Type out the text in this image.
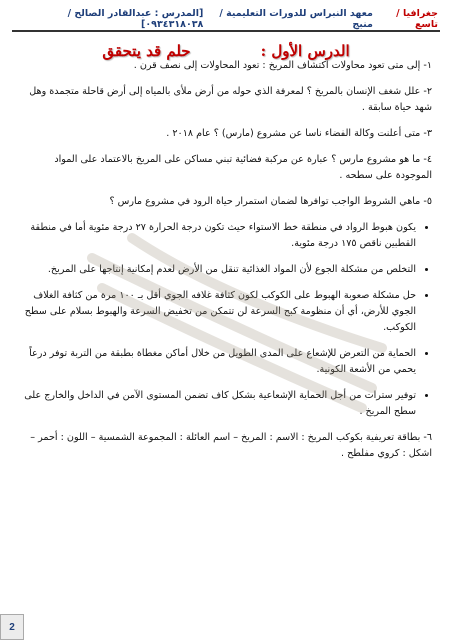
جغرافيا / تاسع
معهد النبراس للدورات التعليمية / منبج
[المدرس : عبدالقادر الصالح /٠٩٣٤٣١٨٠٣٨]
الدرس الأول :
حلم قد يتحقق

١- إلى متى تعود محاولات اكتشاف المريخ : تعود المحاولات إلى نصف قرن .

٢- علل شغف الإنسان بالمريخ ؟ لمعرفة الذي حوله من أرض ملأى بالمياه إلى أرض قاحلة متجمدة وهل شهد حياة سابقة .

٣- متى أعلنت وكالة الفضاء ناسا عن مشروع (مارس) ؟ عام ٢٠١٨ .

٤- ما هو مشروع مارس ؟ عبارة عن مركبة فضائية تبني مساكن على المريخ بالاعتماد على المواد الموجودة على سطحه .

٥- ماهي الشروط الواجب توافرها لضمان استمرار حياة الرود في مشروع مارس ؟

• يكون هبوط الرواد في منطقة خط الاستواء حيث تكون درجة الحرارة ٢٧ درجة مئوية أما في منطقة القطبين ناقص ١٧٥ درجة مئوية.
• التخلص من مشكلة الجوع لأن المواد الغذائية تنقل من الأرض لعدم إمكانية إنتاجها على المريخ.
• حل مشكلة صعوبة الهبوط على الكوكب لكون كثافة غلافه الجوي أقل بـ ١٠٠ مرة من كثافة الغلاف الجوي للأرض، أي أن منظومة كبح السرعة لن تتمكن من تخفيض السرعة والهبوط بسلام على سطح الكوكب.
• الحماية من التعرض للإشعاع على المدى الطويل من خلال أماكن مغطاة بطبقة من التربة توفر درعاً يحمي من الأشعة الكونية.
• توفير سترات من أجل الحماية الإشعاعية بشكل كاف تضمن المستوى الآمن في الداخل والخارج على سطح المريخ .

٦- بطاقة تعريفية بكوكب المريخ : الاسم : المريخ – اسم العائلة : المجموعة الشمسية – اللون : أحمر – اشكل : كروي مفلطح .

2
